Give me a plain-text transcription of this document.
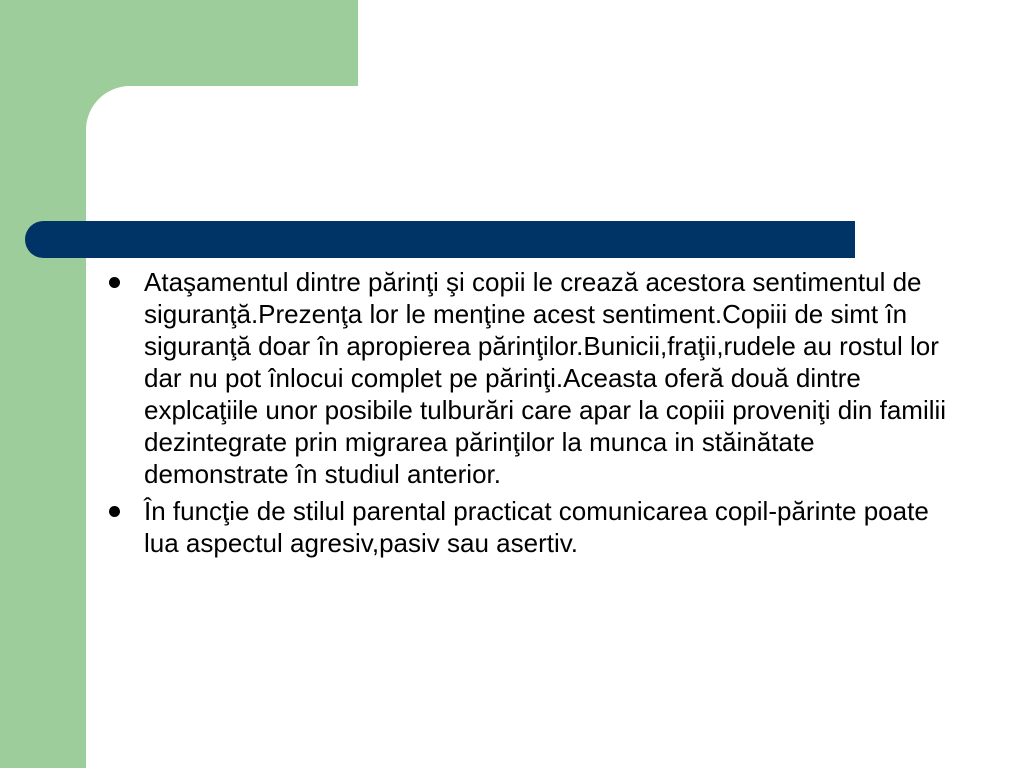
Ataşamentul dintre părinţi şi copii le crează acestora sentimentul de siguranţă.Prezenţa lor le menţine acest sentiment.Copiii de simt în siguranţă doar în apropierea părinţilor.Bunicii,fraţii,rudele au rostul lor dar nu pot înlocui complet pe părinţi.Aceasta oferă două dintre explcaţiile unor posibile tulburări care apar la copiii proveniţi din familii dezintegrate prin migrarea părinţilor la munca in stăinătate demonstrate în studiul anterior.
În funcţie de stilul parental practicat comunicarea copil-părinte poate lua aspectul agresiv,pasiv sau asertiv.
